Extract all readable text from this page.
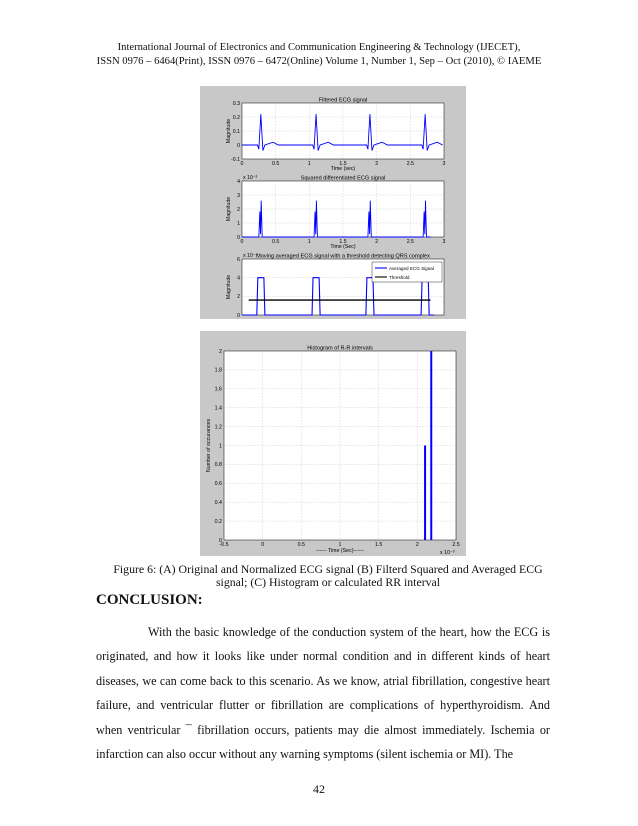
International Journal of Electronics and Communication Engineering & Technology (IJECET),
ISSN 0976 – 6464(Print), ISSN 0976 – 6472(Online) Volume 1, Number 1, Sep – Oct (2010), © IAEME
0	0.5	1	1.5	2	2.5	3
-0.1
0
0.1
0.2
0.3
Filtered ECG signal
Time (sec)
Magnitude
0	0.5	1	1.5	2	2.5	3
0
1
2
3
4
Squared differentiated ECG signal
Time (Sec)
Magnitude
x 10⁻³
0
2
4
6
Moving averaged ECG signal with a threshold detecting QRS complex
Magnitude
x 10⁻⁴
Averaged ECG Signal
Threshold
-0.5	0	0.5	1	1.5	2	2.5
0
0.2
0.4
0.6
0.8
1
1.2
1.4
1.6
1.8
2
Histogram of R-R intervals
------ Time (Sec)------
Number of occurances
x 10⁻³
Figure 6: (A) Original and Normalized ECG signal (B) Filterd Squared and Averaged ECG signal; (C) Histogram or calculated RR interval
CONCLUSION:

With the basic knowledge of the conduction system of the heart, how the ECG is originated, and how it looks like under normal condition and in different kinds of heart diseases, we can come back to this scenario. As we know, atrial fibrillation, congestive heart failure, and ventricular flutter or fibrillation are complications of hyperthyroidism. And when ventricular ¯ fibrillation occurs, patients may die almost immediately. Ischemia or infarction can also occur without any warning symptoms (silent ischemia or MI). The

42
